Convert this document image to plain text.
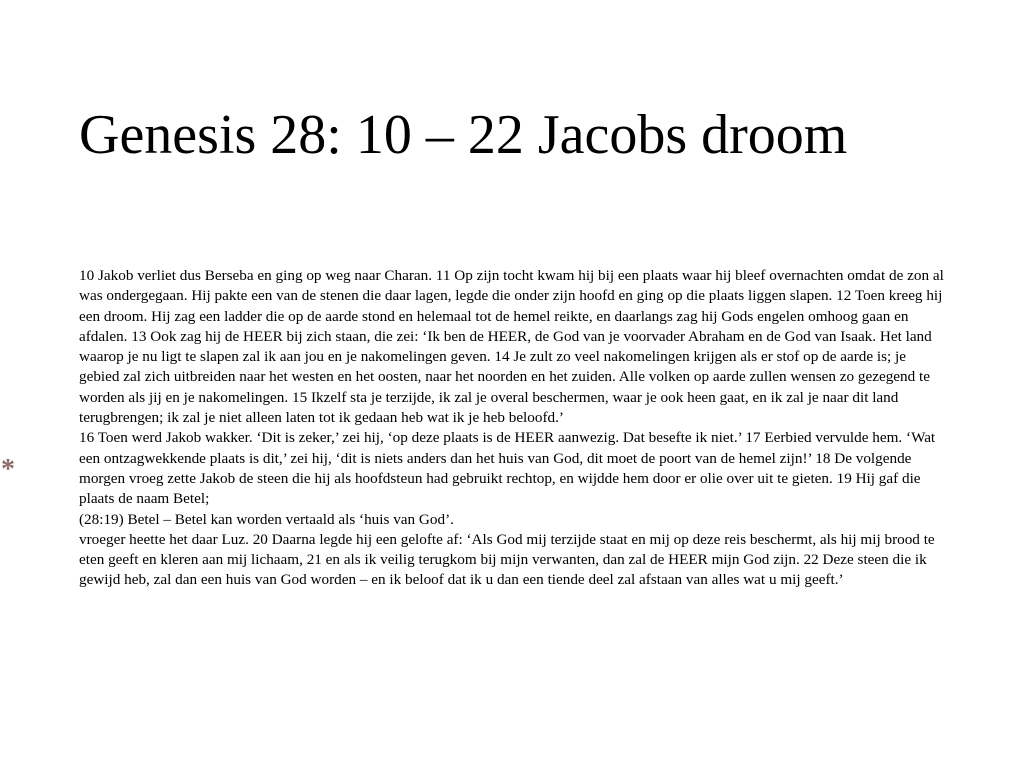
Genesis 28: 10 – 22 Jacobs droom
*

10 Jakob verliet dus Berseba en ging op weg naar Charan. 11 Op zijn tocht kwam hij bij een plaats waar hij bleef overnachten omdat de zon al was ondergegaan. Hij pakte een van de stenen die daar lagen, legde die onder zijn hoofd en ging op die plaats liggen slapen. 12 Toen kreeg hij een droom. Hij zag een ladder die op de aarde stond en helemaal tot de hemel reikte, en daarlangs zag hij Gods engelen omhoog gaan en afdalen. 13 Ook zag hij de HEER bij zich staan, die zei: ‘Ik ben de HEER, de God van je voorvader Abraham en de God van Isaak. Het land waarop je nu ligt te slapen zal ik aan jou en je nakomelingen geven. 14 Je zult zo veel nakomelingen krijgen als er stof op de aarde is; je gebied zal zich uitbreiden naar het westen en het oosten, naar het noorden en het zuiden. Alle volken op aarde zullen wensen zo gezegend te worden als jij en je nakomelingen. 15 Ikzelf sta je terzijde, ik zal je overal beschermen, waar je ook heen gaat, en ik zal je naar dit land terugbrengen; ik zal je niet alleen laten tot ik gedaan heb wat ik je heb beloofd.’

16 Toen werd Jakob wakker. ‘Dit is zeker,’ zei hij, ‘op deze plaats is de HEER aanwezig. Dat besefte ik niet.’ 17 Eerbied vervulde hem. ‘Wat een ontzagwekkende plaats is dit,’ zei hij, ‘dit is niets anders dan het huis van God, dit moet de poort van de hemel zijn!’ 18 De volgende morgen vroeg zette Jakob de steen die hij als hoofdsteun had gebruikt rechtop, en wijdde hem door er olie over uit te gieten. 19 Hij gaf die plaats de naam Betel;

(28:19) Betel – Betel kan worden vertaald als ‘huis van God’.

vroeger heette het daar Luz. 20 Daarna legde hij een gelofte af: ‘Als God mij terzijde staat en mij op deze reis beschermt, als hij mij brood te eten geeft en kleren aan mij lichaam, 21 en als ik veilig terugkom bij mijn verwanten, dan zal de HEER mijn God zijn. 22 Deze steen die ik gewijd heb, zal dan een huis van God worden – en ik beloof dat ik u dan een tiende deel zal afstaan van alles wat u mij geeft.’
